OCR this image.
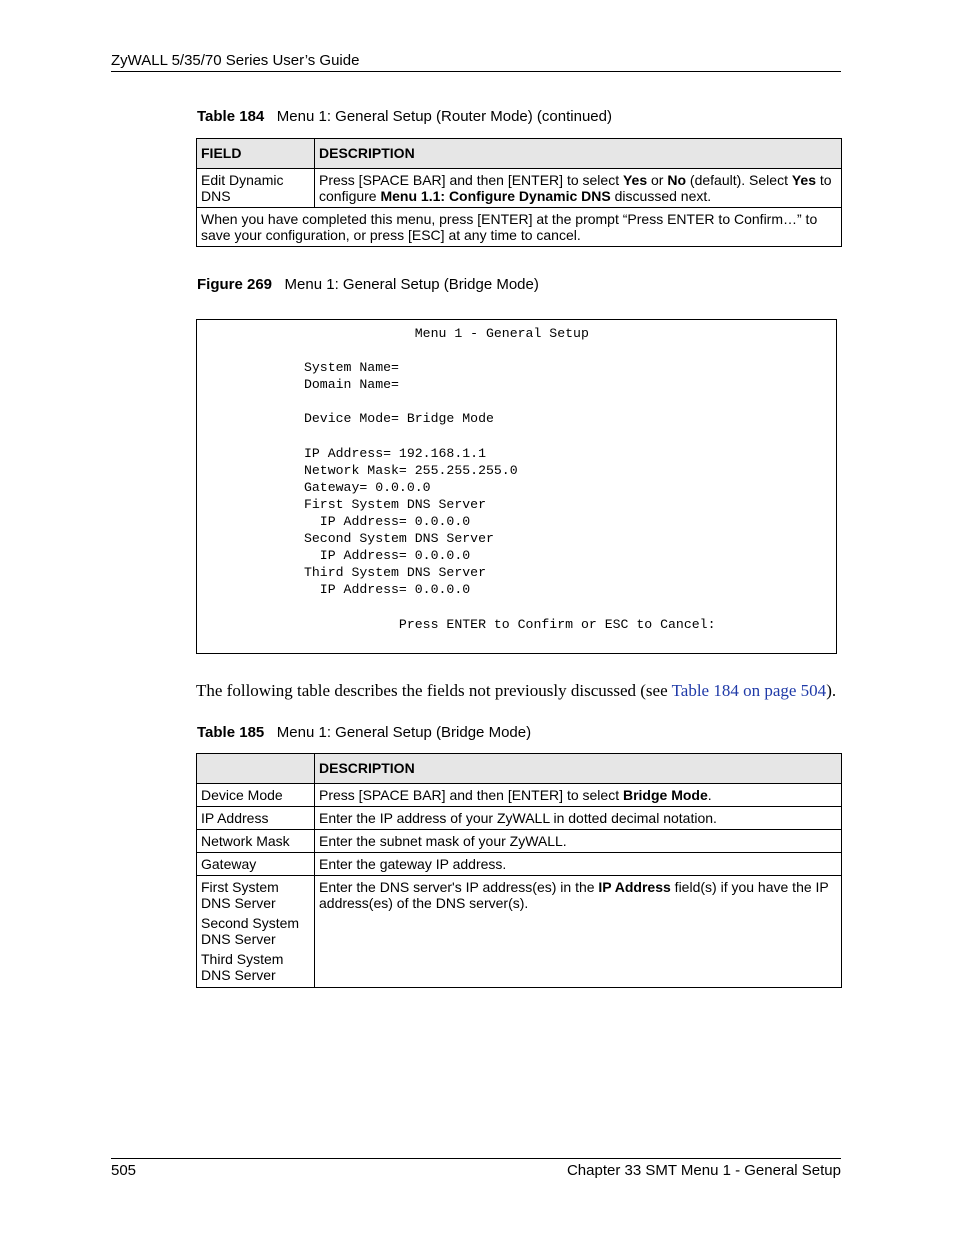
ZyWALL 5/35/70 Series User’s Guide
Table 184 Menu 1: General Setup (Router Mode) (continued)
FIELD	DESCRIPTION
Edit Dynamic DNS	Press [SPACE BAR] and then [ENTER] to select Yes or No (default). Select Yes to configure Menu 1.1: Configure Dynamic DNS discussed next.
When you have completed this menu, press [ENTER] at the prompt “Press ENTER to Confirm…” to save your configuration, or press [ESC] at any time to cancel.	
Figure 269 Menu 1: General Setup (Bridge Mode)
Menu 1 - General Setup

System Name=
Domain Name=

Device Mode= Bridge Mode

IP Address= 192.168.1.1
Network Mask= 255.255.255.0
Gateway= 0.0.0.0
First System DNS Server
IP Address= 0.0.0.0
Second System DNS Server
IP Address= 0.0.0.0
Third System DNS Server
IP Address= 0.0.0.0

Press ENTER to Confirm or ESC to Cancel:
The following table describes the fields not previously discussed (see Table 184 on page 504).
Table 185 Menu 1: General Setup (Bridge Mode)
	DESCRIPTION
Device Mode	Press [SPACE BAR] and then [ENTER] to select Bridge Mode.
IP Address	Enter the IP address of your ZyWALL in dotted decimal notation.
Network Mask	Enter the subnet mask of your ZyWALL.
Gateway	Enter the gateway IP address.

First System DNS Server
Second System DNS Server
Third System DNS Server	Enter the DNS server's IP address(es) in the IP Address field(s) if you have the IP address(es) of the DNS server(s).
505	Chapter 33 SMT Menu 1 - General Setup
